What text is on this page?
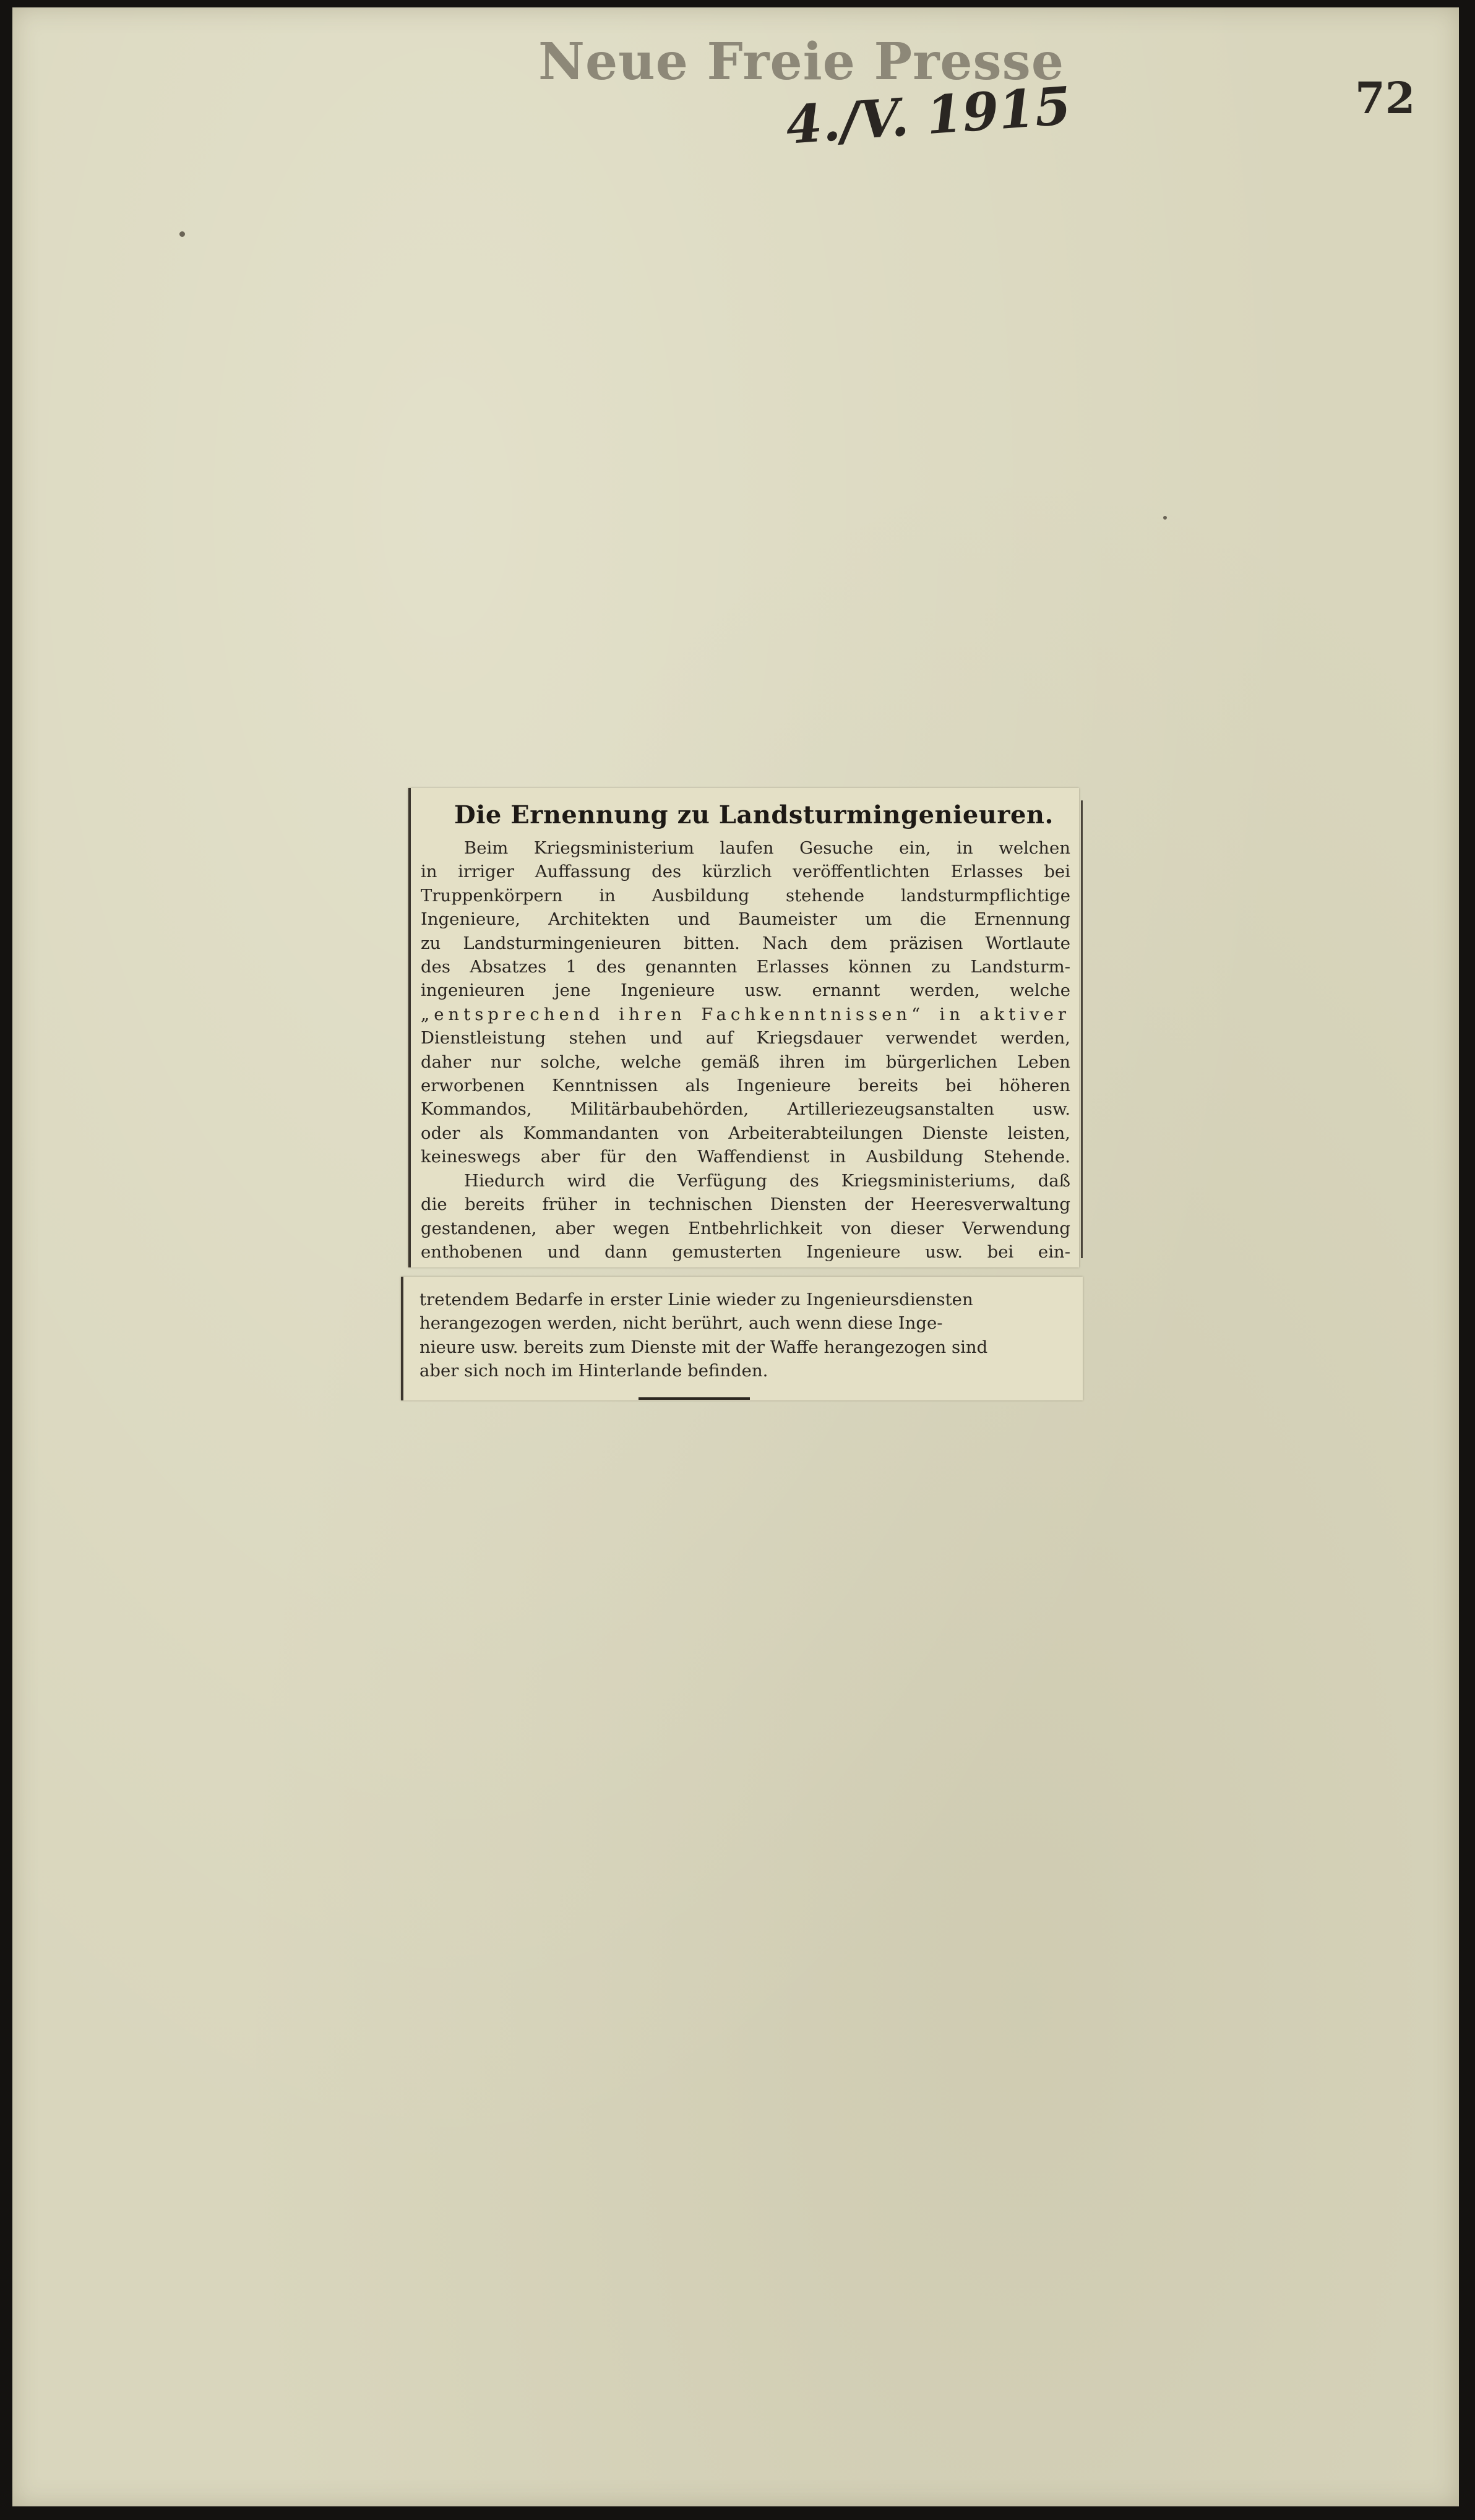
Neue Freie Presse
4./V. 1915	72
Die Ernennung zu Landsturmingenieuren.
Beim Kriegsministerium laufen Gesuche ein, in welchen
in irriger Auffassung des kürzlich veröffentlichten Erlasses bei
Truppenkörpern in Ausbildung stehende landsturmpflichtige
Ingenieure, Architekten und Baumeister um die Ernennung
zu Landsturmingenieuren bitten. Nach dem präzisen Wortlaute
des Absatzes 1 des genannten Erlasses können zu Landsturm-
ingenieuren jene Ingenieure usw. ernannt werden, welche
„entsprechend ihren Fachkenntnissen“ in aktiver
Dienstleistung stehen und auf Kriegsdauer verwendet werden,
daher nur solche, welche gemäß ihren im bürgerlichen Leben
erworbenen Kenntnissen als Ingenieure bereits bei höheren
Kommandos, Militärbaubehörden, Artilleriezeugsanstalten usw.
oder als Kommandanten von Arbeiterabteilungen Dienste leisten,
keineswegs aber für den Waffendienst in Ausbildung Stehende.
Hiedurch wird die Verfügung des Kriegsministeriums, daß
die bereits früher in technischen Diensten der Heeresverwaltung
gestandenen, aber wegen Entbehrlichkeit von dieser Verwendung
enthobenen und dann gemusterten Ingenieure usw. bei ein-
tretendem Bedarfe in erster Linie wieder zu Ingenieursdiensten
herangezogen werden, nicht berührt, auch wenn diese Inge-
nieure usw. bereits zum Dienste mit der Waffe herangezogen sind
aber sich noch im Hinterlande befinden.
